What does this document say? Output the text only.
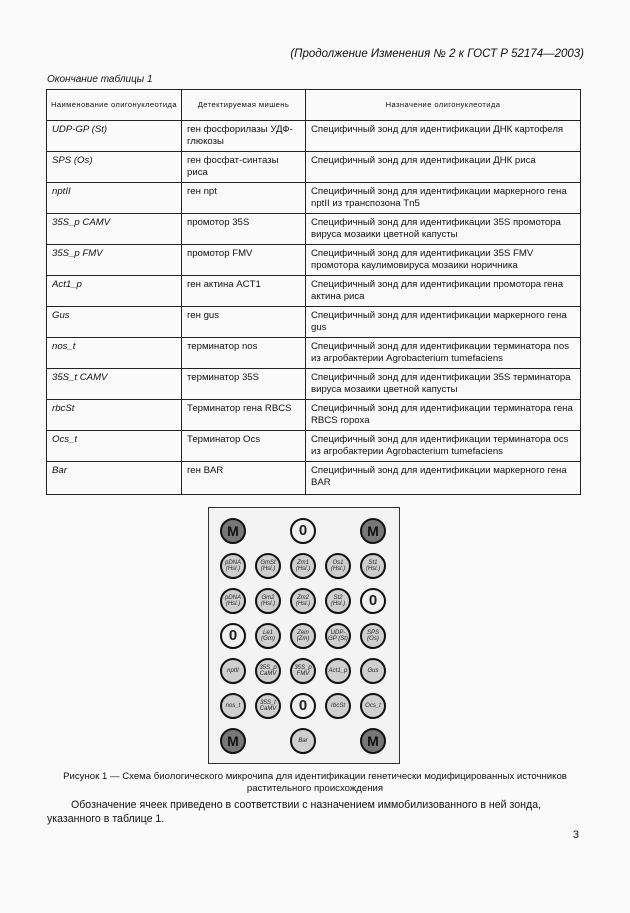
(Продолжение Изменения № 2 к ГОСТ Р 52174—2003)
Окончание таблицы 1
Наименование олигонуклеотида	Детектируемая мишень	Назначение олигонуклеотида
UDP-GP (St)	ген фосфорилазы УДФ-глюкозы	Специфичный зонд для идентификации ДНК картофеля
SPS (Os)	ген фосфат-синтазы риса	Специфичный зонд для идентификации ДНК риса
nptII	ген npt	Специфичный зонд для идентификации маркерного гена nptII из транспозона Tn5
35S_p CAMV	промотор 35S	Специфичный зонд для идентификации 35S промотора вируса мозаики цветной капусты
35S_p FMV	промотор FMV	Специфичный зонд для идентификации 35S FMV промотора каулимовируса мозаики норичника
Act1_p	ген актина ACT1	Специфичный зонд для идентификации промотора гена актина риса
Gus	ген gus	Специфичный зонд для идентификации маркерного гена gus
nos_t	терминатор nos	Специфичный зонд для идентификации терминатора nos из агробактерии Agrobacterium tumefaciens
35S_t CAMV	терминатор 35S	Специфичный зонд для идентификации 35S терминатора вируса мозаики цветной капусты
rbcSt	Терминатор гена RBCS	Специфичный зонд для идентификации терминатора гена RBCS гороха
Ocs_t	Терминатор Ocs	Специфичный зонд для идентификации терминатора ocs из агробактерии Agrobacterium tumefaciens
Bar	ген BAR	Специфичный зонд для идентификации маркерного гена BAR
M	0	M
pDNA (Hsl.)
GmSt (Hsl.)
Zm1 (Hsl.)
Os1 (Hsl.)
St1 (Hsl.)
pDNA (Hsl.)
Gm2 (Hsl.)
Zm2 (Hsl.)
St2 (Hsl.)	0
0	Le1 (Gm)
Zein (Zm)
UDP-GP (St)
SPS (Os)
nptII
35S_p CaMV
35S_p FMV
Act1_p	Gus
nos_t
35S_t CaMV	0	rbcSt	Ocs_t
M	Bar	M
Рисунок 1 — Схема биологического микрочипа для идентификации генетически модифицированных источников растительного происхождения
Обозначение ячеек приведено в соответствии с назначением иммобилизованного в ней зонда, указанного в таблице 1.
3
